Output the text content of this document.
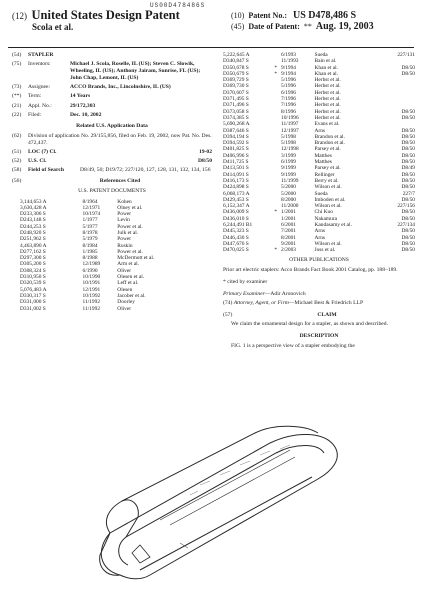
US00D478486S
(12) United States Design Patent
Scola et al.
(10) Patent No.: US D478,486 S
(45) Date of Patent: ** Aug. 19, 2003
(54)	STAPLER
(75)	Inventors:	Michael J. Scola, Roselle, IL (US); Steven C. Slowik, Wheeling, IL (US); Anthony Jairam, Sunrise, FL (US); John Chap, Lemont, IL (US)
(73)	Assignee:	ACCO Brands, Inc., Lincolnshire, IL (US)
(**)	Term:	14 Years
(21)	Appl. No.:	29/172,303
(22)	Filed:	Dec. 10, 2002
Related U.S. Application Data
(62)	Division of application No. 29/155,856, filed on Feb. 19, 2002, now Pat. No. Des. 472,437.
(51)	LOC (7) Cl.	19-02
(52)	U.S. Cl.	D8/50
(58)	Field of Search	D8/49, 50; D19/72; 227/120, 127, 128, 131, 132, 134, 156
(56)	References Cited
U.S. PATENT DOCUMENTS
3,144,653 A	8/1964	Kohen	
3,630,428 A	12/1971	Olney et al.	
D233,306 S	10/1974	Power	
D243,148 S	1/1977	Levin	
D244,253 S	5/1977	Power et al.	
D248,920 S	8/1978	Julk et al.	
D251,962 S	5/1979	Power	
4,463,890 A	8/1984	Ruskin	
D277,162 S	1/1985	Power et al.	
D297,300 S	8/1988	McDermott et al.	
D305,200 S	12/1989	Arm et al.	
D308,324 S	6/1990	Oliver	
D310,950 S	10/1990	Olesen et al.	
D320,539 S	10/1991	Leff et al.	
5,076,483 A	12/1991	Olesen	
D330,317 S	10/1992	Jacober et al.	
D331,000 S	11/1992	Doorley	
D331,002 S	11/1992	Oliver	
5,222,645 A		6/1993	Sueda	227/131
D340,847 S		11/1993	Bain et al.	
D350,678 S	*	9/1994	Khan et al.	D8/50
D350,679 S	*	9/1994	Khan et al.	D8/50
D369,729 S		5/1996	Herbst et al.	
D369,730 S		5/1996	Herbst et al.	
D370,607 S		6/1996	Herbst et al.	
D371,495 S		7/1996	Herbst et al.	
D371,496 S		7/1996	Herbst et al.	
D373,058 S		8/1996	Herbst et al.	D8/50
D374,385 S		10/1996	Herbst et al.	D8/50
5,690,268 A		11/1997	Evans et al.	
D387,646 S		12/1997	Arns	D8/50
D394,194 S		5/1998	Brandon et al.	D8/50
D394,592 S		5/1998	Brandon et al.	D8/50
D401,825 S		12/1998	Parsey et al.	D8/50
D406,996 S		3/1999	Matthes	D8/50
D411,725 S		6/1999	Matthes	D8/50
D413,501 S		9/1999	Parsey et al.	D8/49
D414,091 S		9/1999	Rellinger	D8/50
D416,173 S		11/1999	Berry et al.	D8/50
D424,898 S		5/2000	Wilson et al.	D8/50
6,068,173 A		5/2000	Sueda	227/7
D429,453 S		8/2000	Imboden et al.	D8/50
6,152,347 A		11/2000	Wilson et al.	227/156
D436,009 S	*	1/2001	Chi Kuo	D8/50
D436,010 S		1/2001	Nakamura	D8/50
6,244,491 B1		6/2001	Kandasamy et al.	227/134
D445,323 S		7/2001	Arns	D8/50
D446,430 S		8/2001	Arns	D8/50
D447,676 S		9/2001	Wilson et al.	D8/50
D470,025 S	*	2/2003	Joss et al.	D8/50
OTHER PUBLICATIONS
Prior art electric staplers: Acco Brands Fact Book 2001 Catalog, pp. 188–189.
* cited by examiner
Primary Examiner—Adir Aronovich
(74) Attorney, Agent, or Firm—Michael Best & Friedrich LLP
(57)	CLAIM
We claim the ornamental design for a stapler, as shown and described.
DESCRIPTION
FIG. 1 is a perspective view of a stapler embodying the
